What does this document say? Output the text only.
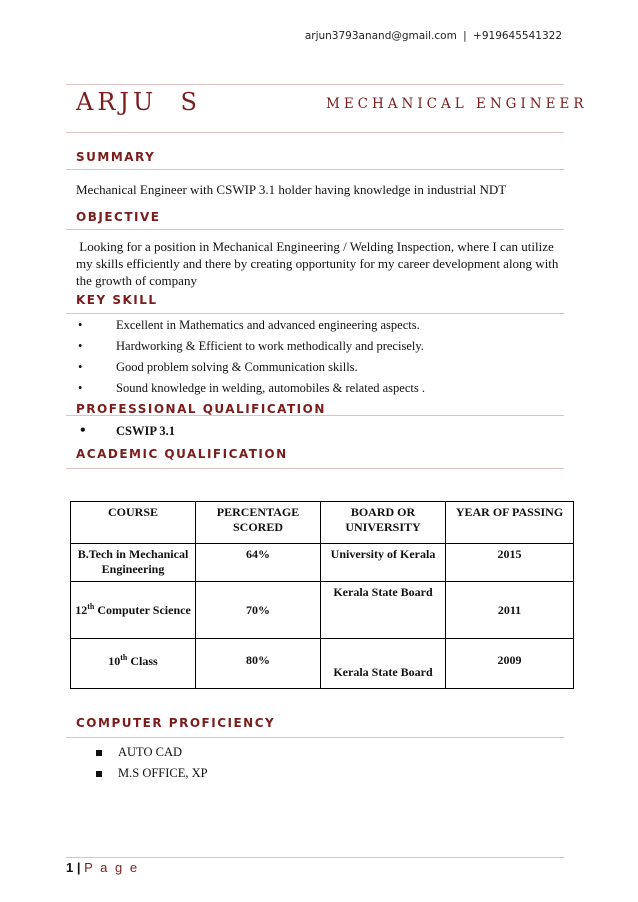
arjun3793anand@gmail.com | +919645541322
ARJU  S	MECHANICAL ENGINEER
SUMMARY
Mechanical Engineer with CSWIP 3.1 holder having knowledge in industrial NDT
OBJECTIVE
Looking for a position in Mechanical Engineering / Welding Inspection, where I can utilize my skills efficiently and there by creating opportunity for my career development along with the growth of company
KEY SKILL
•	Excellent in Mathematics and advanced engineering aspects.
•	Hardworking & Efficient to work methodically and precisely.
•	Good problem solving & Communication skills.
•	Sound knowledge in welding, automobiles & related aspects .
PROFESSIONAL QUALIFICATION
• CSWIP 3.1
ACADEMIC QUALIFICATION
COURSE	PERCENTAGE SCORED	BOARD OR UNIVERSITY	YEAR OF PASSING
B.Tech in Mechanical Engineering	64%	University of Kerala	2015
12th Computer Science	70%	Kerala State Board	2011
10th Class	80%	Kerala State Board	2009
COMPUTER PROFICIENCY
AUTO CAD
M.S OFFICE, XP
1 | P a g e
